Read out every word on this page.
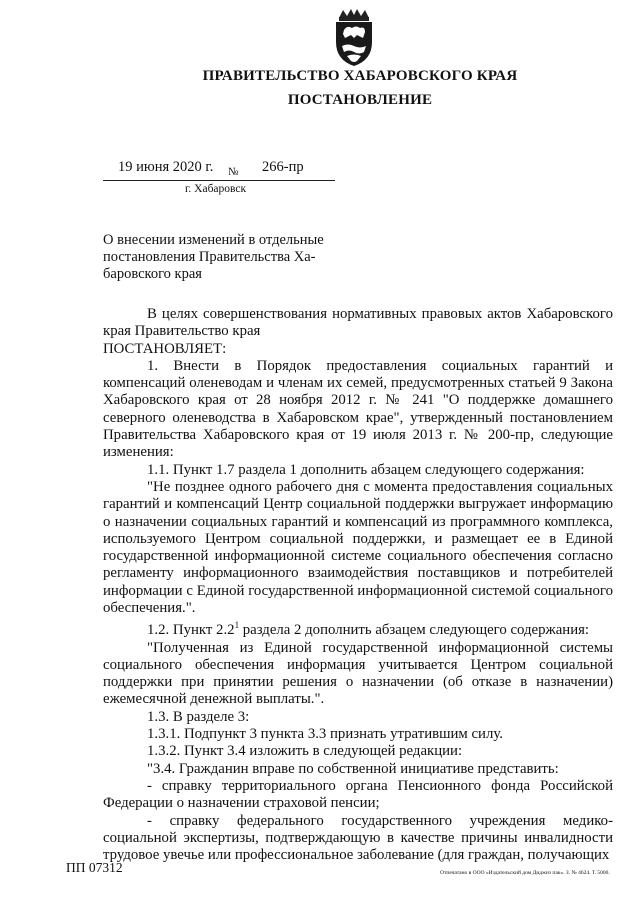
ПРАВИТЕЛЬСТВО ХАБАРОВСКОГО КРАЯ
ПОСТАНОВЛЕНИЕ
19 июня 2020 г. № 266-пр
г. Хабаровск
О внесении изменений в отдельные
постановления Правительства Ха-
баровского края

В целях совершенствования нормативных правовых актов Хабаровского края Правительство края

ПОСТАНОВЛЯЕТ:

1. Внести в Порядок предоставления социальных гарантий и компенсаций оленеводам и членам их семей, предусмотренных статьей 9 Закона Хабаровского края от 28 ноября 2012 г. № 241 "О поддержке домашнего северного оленеводства в Хабаровском крае", утвержденный постановлением Правительства Хабаровского края от 19 июля 2013 г. № 200-пр, следующие изменения:

1.1. Пункт 1.7 раздела 1 дополнить абзацем следующего содержания:

"Не позднее одного рабочего дня с момента предоставления социальных гарантий и компенсаций Центр социальной поддержки выгружает информацию о назначении социальных гарантий и компенсаций из программного комплекса, используемого Центром социальной поддержки, и размещает ее в Единой государственной информационной системе социального обеспечения согласно регламенту информационного взаимодействия поставщиков и потребителей информации с Единой государственной информационной системой социального обеспечения.".

1.2. Пункт $2.2^1$ раздела 2 дополнить абзацем следующего содержания:

"Полученная из Единой государственной информационной системы социального обеспечения информация учитывается Центром социальной поддержки при принятии решения о назначении (об отказе в назначении) ежемесячной денежной выплаты.".

1.3. В разделе 3:

1.3.1. Подпункт 3 пункта 3.3 признать утратившим силу.

1.3.2. Пункт 3.4 изложить в следующей редакции:

"3.4. Гражданин вправе по собственной инициативе представить:

- справку территориального органа Пенсионного фонда Российской Федерации о назначении страховой пенсии;

- справку федерального государственного учреждения медико-социальной экспертизы, подтверждающую в качестве причины инвалидности трудовое увечье или профессиональное заболевание (для граждан, получающих

ПП 07312	Отпечатано в ООО «Издательский дом Диджиз пак». З. № 4624. Т. 5000.
